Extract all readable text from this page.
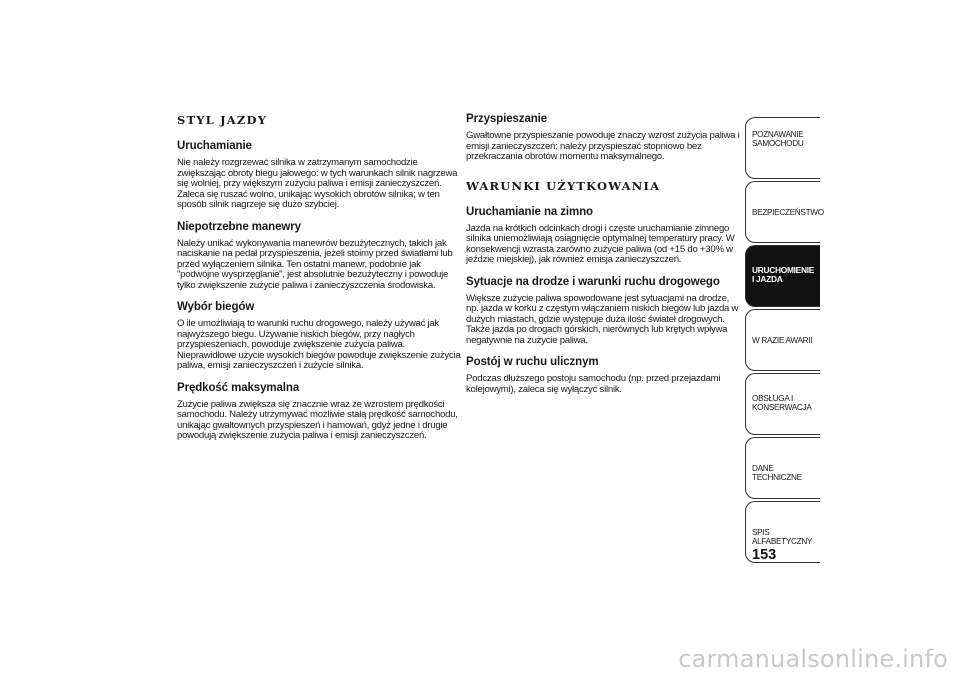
STYL JAZDY
Uruchamianie

Nie należy rozgrzewać silnika w zatrzymanym samochodzie zwiększając obroty biegu jałowego: w tych warunkach silnik nagrzewa się wolniej, przy większym zużyciu paliwa i emisji zanieczyszczeń. Zaleca się ruszać wolno, unikając wysokich obrotów silnika; w ten sposób silnik nagrzeje się dużo szybciej.

Niepotrzebne manewry

Należy unikać wykonywania manewrów bezużytecznych, takich jak naciskanie na pedał przyspieszenia, jeżeli stoimy przed światłami lub przed wyłączeniem silnika. Ten ostatni manewr, podobnie jak "podwójne wysprzęglanie", jest absolutnie bezużyteczny i powoduje tylko zwiększenie zużycie paliwa i zanieczyszczenia środowiska.

Wybór biegów

O ile umożliwiają to warunki ruchu drogowego, należy używać jak najwyższego biegu. Używanie niskich biegów, przy nagłych przyspieszeniach, powoduje zwiększenie zużycia paliwa. Nieprawidłowe użycie wysokich biegów powoduje zwiększenie zużycia paliwa, emisji zanieczyszczeń i zużycie silnika.

Prędkość maksymalna

Zużycie paliwa zwiększa się znacznie wraz ze wzrostem prędkości samochodu. Należy utrzymywać możliwie stałą prędkość samochodu, unikając gwałtownych przyspieszeń i hamowań, gdyż jedne i drugie powodują zwiększenie zużycia paliwa i emisji zanieczyszczeń.

Przyspieszanie

Gwałtowne przyspieszanie powoduje znaczy wzrost zużycia paliwa i emisji zanieczyszczeń; należy przyspieszać stopniowo bez przekraczania obrotów momentu maksymalnego.

WARUNKI UŻYTKOWANIA
Uruchamianie na zimno

Jazda na krótkich odcinkach drogi i częste uruchamianie zimnego silnika uniemożliwiają osiągnięcie optymalnej temperatury pracy. W konsekwencji wzrasta zarówno zużycie paliwa (od +15 do +30% w jeździe miejskiej), jak również emisja zanieczyszczeń.

Sytuacje na drodze i warunki ruchu drogowego

Większe zużycie paliwa spowodowane jest sytuacjami na drodze, np. jazda w korku z częstym włączaniem niskich biegów lub jazda w dużych miastach, gdzie występuje duża ilość świateł drogowych. Także jazda po drogach górskich, nierównych lub krętych wpływa negatywnie na zużycie paliwa.

Postój w ruchu ulicznym

Podczas dłuższego postoju samochodu (np. przed przejazdami kolejowymi), zaleca się wyłączyć silnik.

POZNAWANIE SAMOCHODU
BEZPIECZEŃSTWO
URUCHOMIENIE I JAZDA
W RAZIE AWARII
OBSŁUGA I KONSERWACJA
DANE TECHNICZNE
SPIS ALFABETYCZNY
153
carmanualsonline.info
